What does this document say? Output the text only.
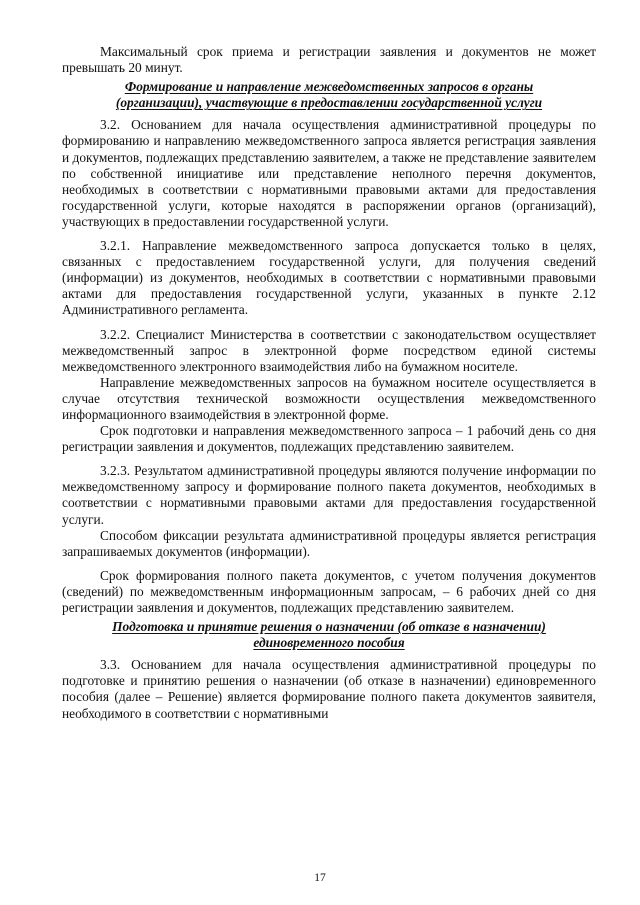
Максимальный срок приема и регистрации заявления и документов не может превышать 20 минут.

Формирование и направление межведомственных запросов в органы (организации), участвующие в предоставлении государственной услуги

3.2. Основанием для начала осуществления административной процедуры по формированию и направлению межведомственного запроса является регистрация заявления и документов, подлежащих представлению заявителем, а также не представление заявителем по собственной инициативе или представление неполного перечня документов, необходимых в соответствии с нормативными правовыми актами для предоставления государственной услуги, которые находятся в распоряжении органов (организаций), участвующих в предоставлении государственной услуги.

3.2.1. Направление межведомственного запроса допускается только в целях, связанных с предоставлением государственной услуги, для получения сведений (информации) из документов, необходимых в соответствии с нормативными правовыми актами для предоставления государственной услуги, указанных в пункте 2.12 Административного регламента.

3.2.2. Специалист Министерства в соответствии с законодательством осуществляет межведомственный запрос в электронной форме посредством единой системы межведомственного электронного взаимодействия либо на бумажном носителе.

Направление межведомственных запросов на бумажном носителе осуществляется в случае отсутствия технической возможности осуществления межведомственного информационного взаимодействия в электронной форме.

Срок подготовки и направления межведомственного запроса – 1 рабочий день со дня регистрации заявления и документов, подлежащих представлению заявителем.

3.2.3. Результатом административной процедуры являются получение информации по межведомственному запросу и формирование полного пакета документов, необходимых в соответствии с нормативными правовыми актами для предоставления государственной услуги.

Способом фиксации результата административной процедуры является регистрация запрашиваемых документов (информации).

Срок формирования полного пакета документов, с учетом получения документов (сведений) по межведомственным информационным запросам, – 6 рабочих дней со дня регистрации заявления и документов, подлежащих представлению заявителем.

Подготовка и принятие решения о назначении (об отказе в назначении) единовременного пособия

3.3. Основанием для начала осуществления административной процедуры по подготовке и принятию решения о назначении (об отказе в назначении) единовременного пособия (далее – Решение) является формирование полного пакета документов заявителя, необходимого в соответствии с нормативными

17
